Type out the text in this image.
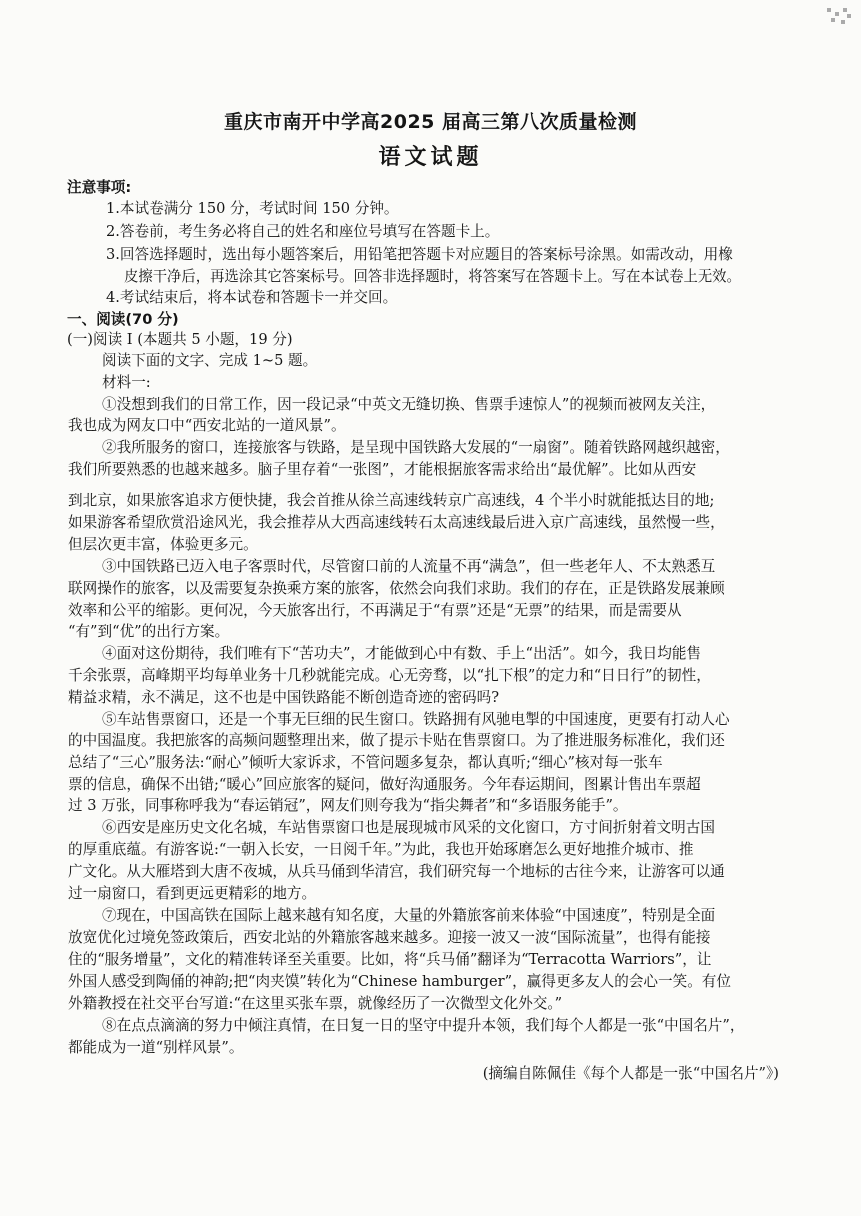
重庆市南开中学高2025 届高三第八次质量检测
语文试题
注意事项:
1.本试卷满分 150 分，考试时间 150 分钟。
2.答卷前，考生务必将自己的姓名和座位号填写在答题卡上。
3.回答选择题时，选出每小题答案后，用铅笔把答题卡对应题目的答案标号涂黑。如需改动，用橡
皮擦干净后，再选涂其它答案标号。回答非选择题时，将答案写在答题卡上。写在本试卷上无效。
4.考试结束后，将本试卷和答题卡一并交回。
一、阅读(70 分)
(一)阅读 I (本题共 5 小题，19 分)
阅读下面的文字、完成 1~5 题。
材料一:
①没想到我们的日常工作，因一段记录“中英文无缝切换、售票手速惊人”的视频而被网友关注，
我也成为网友口中“西安北站的一道风景”。
②我所服务的窗口，连接旅客与铁路，是呈现中国铁路大发展的“一扇窗”。随着铁路网越织越密，
我们所要熟悉的也越来越多。脑子里存着“一张图”，才能根据旅客需求给出“最优解”。比如从西安
到北京，如果旅客追求方便快捷，我会首推从徐兰高速线转京广高速线，4 个半小时就能抵达目的地;
如果游客希望欣赏沿途风光，我会推荐从大西高速线转石太高速线最后进入京广高速线，虽然慢一些，
但层次更丰富，体验更多元。
③中国铁路已迈入电子客票时代，尽管窗口前的人流量不再“满急”，但一些老年人、不太熟悉互
联网操作的旅客，以及需要复杂换乘方案的旅客，依然会向我们求助。我们的存在，正是铁路发展兼顾
效率和公平的缩影。更何况，今天旅客出行，不再满足于“有票”还是“无票”的结果，而是需要从
“有”到“优”的出行方案。
④面对这份期待，我们唯有下“苦功夫”，才能做到心中有数、手上“出活”。如今，我日均能售
千余张票，高峰期平均每单业务十几秒就能完成。心无旁骛，以“扎下根”的定力和“日日行”的韧性，
精益求精，永不满足，这不也是中国铁路能不断创造奇迹的密码吗?
⑤车站售票窗口，还是一个事无巨细的民生窗口。铁路拥有风驰电掣的中国速度，更要有打动人心
的中国温度。我把旅客的高频问题整理出来，做了提示卡贴在售票窗口。为了推进服务标准化，我们还
总结了“三心”服务法:“耐心”倾听大家诉求，不管问题多复杂，都认真听;“细心”核对每一张车
票的信息，确保不出错;“暖心”回应旅客的疑问，做好沟通服务。今年春运期间，图累计售出车票超
过 3 万张，同事称呼我为“春运销冠”，网友们则夸我为“指尖舞者”和“多语服务能手”。
⑥西安是座历史文化名城，车站售票窗口也是展现城市风采的文化窗口，方寸间折射着文明古国
的厚重底蕴。有游客说:“一朝入长安，一日阅千年。”为此，我也开始琢磨怎么更好地推介城市、推
广文化。从大雁塔到大唐不夜城，从兵马俑到华清宫，我们研究每一个地标的古往今来，让游客可以通
过一扇窗口，看到更远更精彩的地方。
⑦现在，中国高铁在国际上越来越有知名度，大量的外籍旅客前来体验“中国速度”，特别是全面
放宽优化过境免签政策后，西安北站的外籍旅客越来越多。迎接一波又一波“国际流量”，也得有能接
住的“服务增量”，文化的精准转译至关重要。比如，将“兵马俑”翻译为“Terracotta Warriors”，让
外国人感受到陶俑的神韵;把“肉夹馍”转化为“Chinese hamburger”，赢得更多友人的会心一笑。有位
外籍教授在社交平台写道:“在这里买张车票，就像经历了一次微型文化外交。”
⑧在点点滴滴的努力中倾注真情，在日复一日的坚守中提升本领，我们每个人都是一张“中国名片”，
都能成为一道“别样风景”。
(摘编自陈佩佳《每个人都是一张“中国名片”》)
